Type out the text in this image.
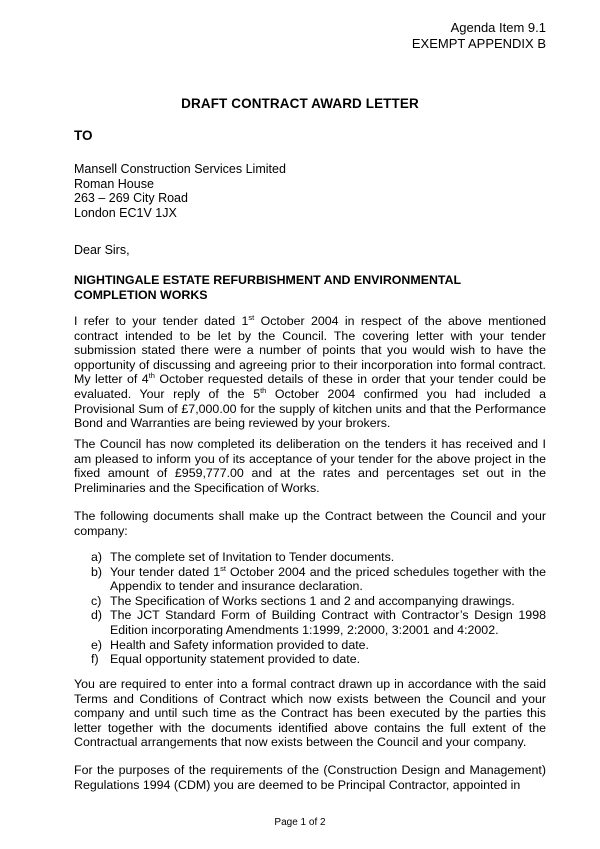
Agenda Item 9.1
EXEMPT APPENDIX B
DRAFT CONTRACT AWARD LETTER
TO
Mansell Construction Services Limited
Roman House
263 – 269 City Road
London EC1V 1JX
Dear Sirs,
NIGHTINGALE ESTATE REFURBISHMENT AND ENVIRONMENTAL COMPLETION WORKS
I refer to your tender dated 1st October 2004 in respect of the above mentioned contract intended to be let by the Council. The covering letter with your tender submission stated there were a number of points that you would wish to have the opportunity of discussing and agreeing prior to their incorporation into formal contract. My letter of 4th October requested details of these in order that your tender could be evaluated. Your reply of the 5th October 2004 confirmed you had included a Provisional Sum of £7,000.00 for the supply of kitchen units and that the Performance Bond and Warranties are being reviewed by your brokers.
The Council has now completed its deliberation on the tenders it has received and I am pleased to inform you of its acceptance of your tender for the above project in the fixed amount of £959,777.00 and at the rates and percentages set out in the Preliminaries and the Specification of Works.
The following documents shall make up the Contract between the Council and your company:
a) The complete set of Invitation to Tender documents.
b) Your tender dated 1st October 2004 and the priced schedules together with the Appendix to tender and insurance declaration.
c) The Specification of Works sections 1 and 2 and accompanying drawings.
d) The JCT Standard Form of Building Contract with Contractor’s Design 1998 Edition incorporating Amendments 1:1999, 2:2000, 3:2001 and 4:2002.
e) Health and Safety information provided to date.
f) Equal opportunity statement provided to date.
You are required to enter into a formal contract drawn up in accordance with the said Terms and Conditions of Contract which now exists between the Council and your company and until such time as the Contract has been executed by the parties this letter together with the documents identified above contains the full extent of the Contractual arrangements that now exists between the Council and your company.
For the purposes of the requirements of the (Construction Design and Management) Regulations 1994 (CDM) you are deemed to be Principal Contractor, appointed in
Page 1 of 2
